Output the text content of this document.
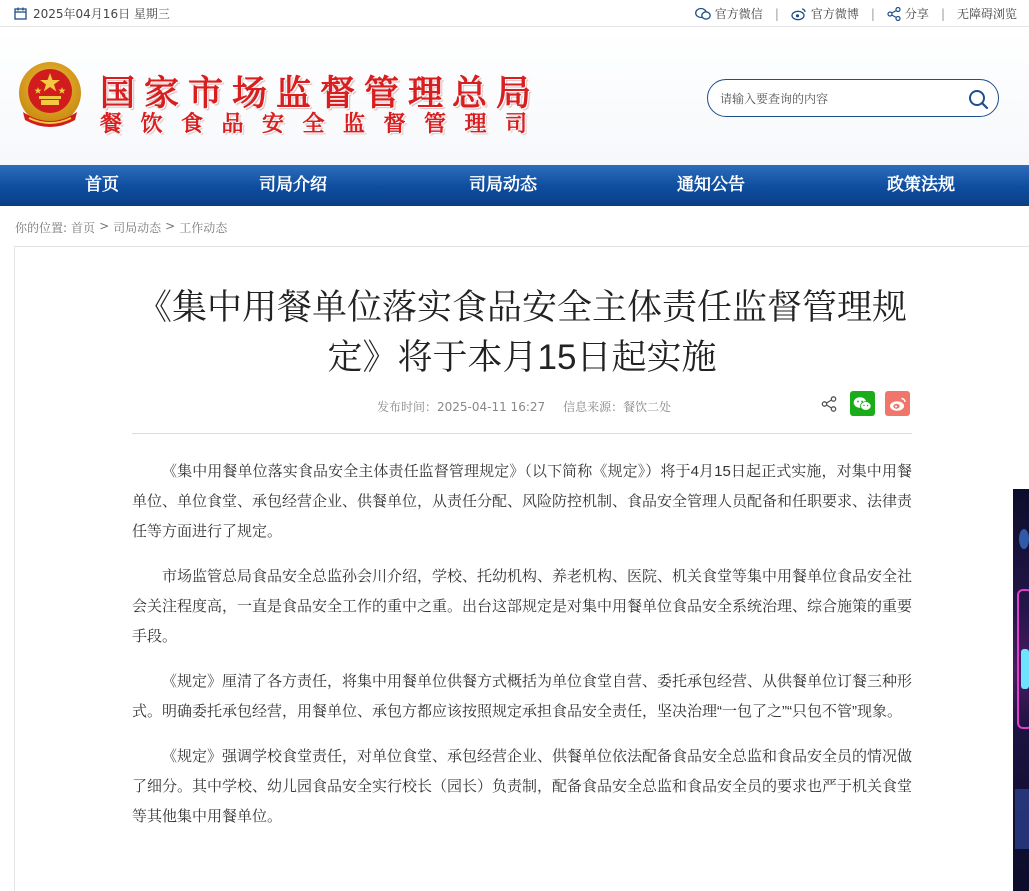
2025年04月16日 星期三	官方微信 |	官方微博 |	分享 | 无障碍浏览
国家市场监督管理总局
餐饮食品安全监督管理司
请输入要查询的内容
首页	司局介绍	司局动态	通知公告	政策法规
你的位置: 首页 > 司局动态 > 工作动态
《集中用餐单位落实食品安全主体责任监督管理规定》将于本月15日起实施
发布时间：2025-04-11 16:27 信息来源：餐饮二处

《集中用餐单位落实食品安全主体责任监督管理规定》（以下简称《规定》）将于4月15日起正式实施，对集中用餐单位、单位食堂、承包经营企业、供餐单位，从责任分配、风险防控机制、食品安全管理人员配备和任职要求、法律责任等方面进行了规定。

市场监管总局食品安全总监孙会川介绍，学校、托幼机构、养老机构、医院、机关食堂等集中用餐单位食品安全社会关注程度高，一直是食品安全工作的重中之重。出台这部规定是对集中用餐单位食品安全系统治理、综合施策的重要手段。

《规定》厘清了各方责任，将集中用餐单位供餐方式概括为单位食堂自营、委托承包经营、从供餐单位订餐三种形式。明确委托承包经营，用餐单位、承包方都应该按照规定承担食品安全责任，坚决治理“一包了之”“只包不管”现象。

《规定》强调学校食堂责任，对单位食堂、承包经营企业、供餐单位依法配备食品安全总监和食品安全员的情况做了细分。其中学校、幼儿园食品安全实行校长（园长）负责制，配备食品安全总监和食品安全员的要求也严于机关食堂等其他集中用餐单位。
